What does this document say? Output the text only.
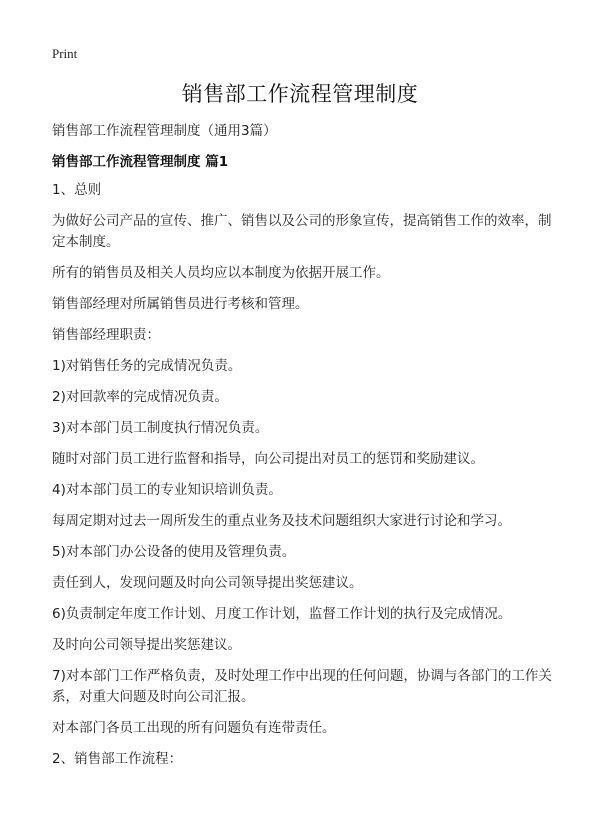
Print
销售部工作流程管理制度
销售部工作流程管理制度（通用3篇）
销售部工作流程管理制度 篇1

1、总则

为做好公司产品的宣传、推广、销售以及公司的形象宣传，提高销售工作的效率，制定本制度。

所有的销售员及相关人员均应以本制度为依据开展工作。

销售部经理对所属销售员进行考核和管理。

销售部经理职责：

1)对销售任务的完成情况负责。

2)对回款率的完成情况负责。

3)对本部门员工制度执行情况负责。

随时对部门员工进行监督和指导，向公司提出对员工的惩罚和奖励建议。

4)对本部门员工的专业知识培训负责。

每周定期对过去一周所发生的重点业务及技术问题组织大家进行讨论和学习。

5)对本部门办公设备的使用及管理负责。

责任到人，发现问题及时向公司领导提出奖惩建议。

6)负责制定年度工作计划、月度工作计划，监督工作计划的执行及完成情况。

及时向公司领导提出奖惩建议。

7)对本部门工作严格负责，及时处理工作中出现的任何问题，协调与各部门的工作关系，对重大问题及时向公司汇报。

对本部门各员工出现的所有问题负有连带责任。

2、销售部工作流程：
